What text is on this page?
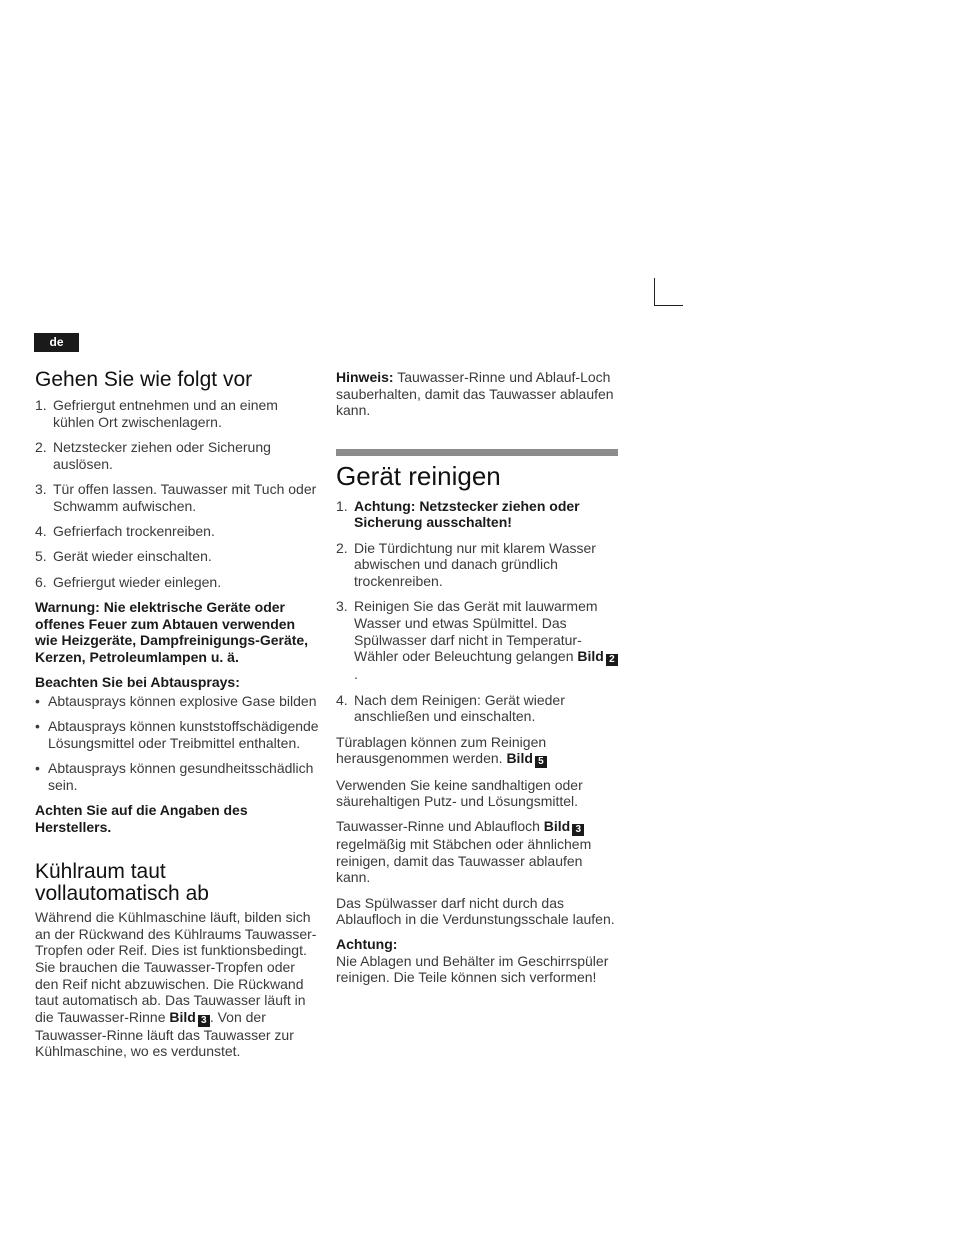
de
Gehen Sie wie folgt vor
1. Gefriergut entnehmen und an einem kühlen Ort zwischenlagern.
2. Netzstecker ziehen oder Sicherung auslösen.
3. Tür offen lassen. Tauwasser mit Tuch oder Schwamm aufwischen.
4. Gefrierfach trockenreiben.
5. Gerät wieder einschalten.
6. Gefriergut wieder einlegen.

Warnung: Nie elektrische Geräte oder offenes Feuer zum Abtauen verwenden wie Heizgeräte, Dampfreinigungs-Geräte, Kerzen, Petroleumlampen u. ä.

Beachten Sie bei Abtausprays:

• Abtausprays können explosive Gase bilden
• Abtausprays können kunststoffschädigende Lösungsmittel oder Treibmittel enthalten.
• Abtausprays können gesundheitsschädlich sein.

Achten Sie auf die Angaben des Herstellers.

Kühlraum taut
vollautomatisch ab

Während die Kühlmaschine läuft, bilden sich an der Rückwand des Kühlraums Tauwasser-Tropfen oder Reif. Dies ist funktionsbedingt. Sie brauchen die Tauwasser-Tropfen oder den Reif nicht abzuwischen. Die Rückwand taut automatisch ab. Das Tauwasser läuft in die Tauwasser-Rinne Bild 3 . Von der Tauwasser-Rinne läuft das Tauwasser zur Kühlmaschine, wo es verdunstet.

Hinweis: Tauwasser-Rinne und Ablauf-Loch sauberhalten, damit das Tauwasser ablaufen kann.

Gerät reinigen
1. Achtung: Netzstecker ziehen oder Sicherung ausschalten!
2. Die Türdichtung nur mit klarem Wasser abwischen und danach gründlich trockenreiben.
3. Reinigen Sie das Gerät mit lauwarmem Wasser und etwas Spülmittel. Das Spülwasser darf nicht in Temperatur-Wähler oder Beleuchtung gelangen Bild 2.
4. Nach dem Reinigen: Gerät wieder anschließen und einschalten.

Türablagen können zum Reinigen herausgenommen werden. Bild 5

Verwenden Sie keine sandhaltigen oder säurehaltigen Putz- und Lösungsmittel.

Tauwasser-Rinne und Ablaufloch Bild 3 regelmäßig mit Stäbchen oder ähnlichem reinigen, damit das Tauwasser ablaufen kann.

Das Spülwasser darf nicht durch das Ablaufloch in die Verdunstungsschale laufen.

Achtung:
Nie Ablagen und Behälter im Geschirrspüler reinigen. Die Teile können sich verformen!
